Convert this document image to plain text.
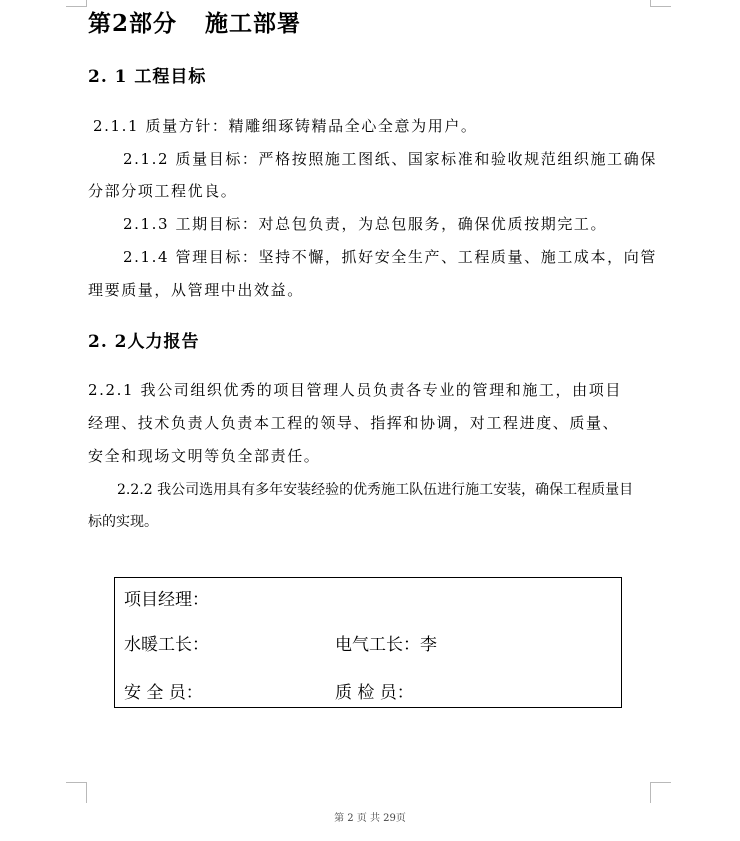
第2部分 施工部署
2. 1 工程目标
2.1.1 质量方针：精雕细琢铸精品全心全意为用户。
2.1.2 质量目标：严格按照施工图纸、国家标准和验收规范组织施工确保
分部分项工程优良。
2.1.3 工期目标：对总包负责，为总包服务，确保优质按期完工。
2.1.4 管理目标：坚持不懈，抓好安全生产、工程质量、施工成本，向管
理要质量，从管理中出效益。
2. 2人力报告
2.2.1 我公司组织优秀的项目管理人员负责各专业的管理和施工，由项目
经理、技术负责人负责本工程的领导、指挥和协调，对工程进度、质量、
安全和现场文明等负全部责任。
2.2.2 我公司选用具有多年安装经验的优秀施工队伍进行施工安装，确保工程质量目
标的实现。
项目经理：
水暖工长：	电气工长：李
安 全 员：	质 检 员：
第 2 页 共 29页
